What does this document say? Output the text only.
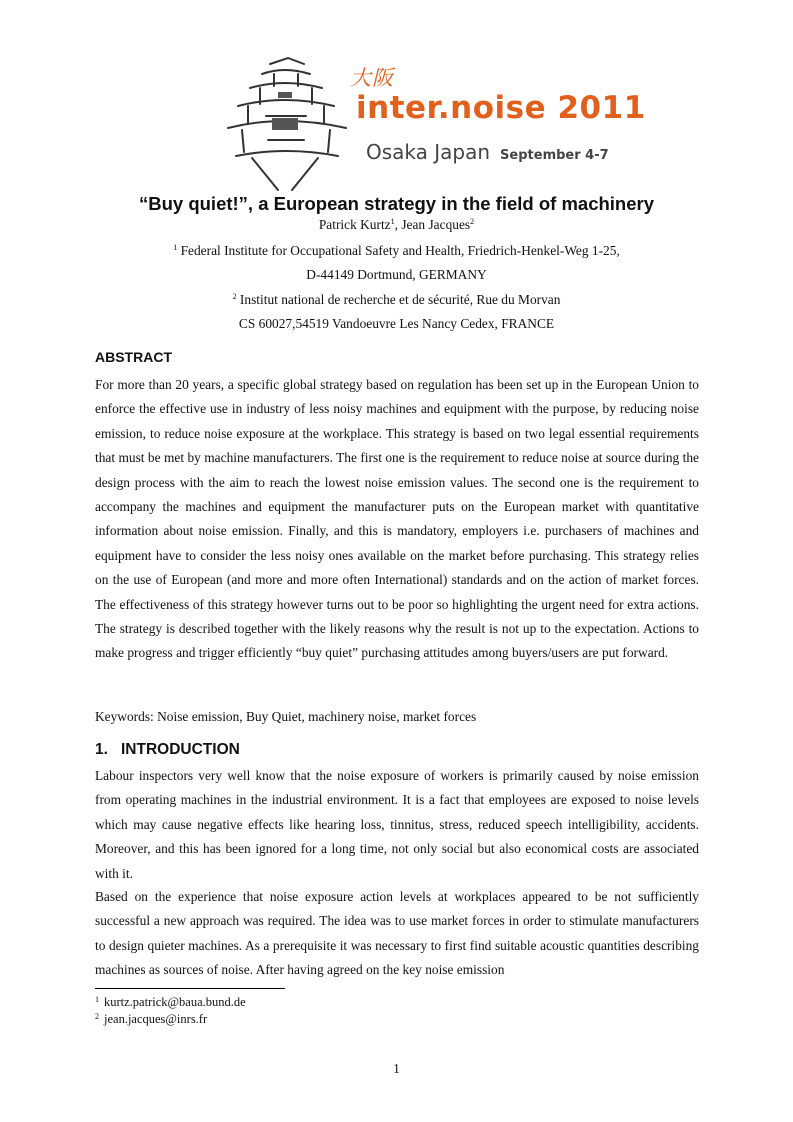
大阪
inter.noise 2011
Osaka Japan September 4-7
“Buy quiet!”, a European strategy in the field of machinery
Patrick Kurtz$^1$, Jean Jacques$^2$
$^1$ Federal Institute for Occupational Safety and Health, Friedrich-Henkel-Weg 1-25,
D-44149 Dortmund, GERMANY
$^2$ Institut national de recherche et de sécurité, Rue du Morvan
CS 60027,54519 Vandoeuvre Les Nancy Cedex, FRANCE
ABSTRACT
For more than 20 years, a specific global strategy based on regulation has been set up in the European Union to enforce the effective use in industry of less noisy machines and equipment with the purpose, by reducing noise emission, to reduce noise exposure at the workplace. This strategy is based on two legal essential requirements that must be met by machine manufacturers. The first one is the requirement to reduce noise at source during the design process with the aim to reach the lowest noise emission values. The second one is the requirement to accompany the machines and equipment the manufacturer puts on the European market with quantitative information about noise emission. Finally, and this is mandatory, employers i.e. purchasers of machines and equipment have to consider the less noisy ones available on the market before purchasing. This strategy relies on the use of European (and more and more often International) standards and on the action of market forces. The effectiveness of this strategy however turns out to be poor so highlighting the urgent need for extra actions. The strategy is described together with the likely reasons why the result is not up to the expectation. Actions to make progress and trigger efficiently “buy quiet” purchasing attitudes among buyers/users are put forward.
Keywords: Noise emission, Buy Quiet, machinery noise, market forces
1. INTRODUCTION
Labour inspectors very well know that the noise exposure of workers is primarily caused by noise emission from operating machines in the industrial environment. It is a fact that employees are exposed to noise levels which may cause negative effects like hearing loss, tinnitus, stress, reduced speech intelligibility, accidents. Moreover, and this has been ignored for a long time, not only social but also economical costs are associated with it.
Based on the experience that noise exposure action levels at workplaces appeared to be not sufficiently successful a new approach was required. The idea was to use market forces in order to stimulate manufacturers to design quieter machines. As a prerequisite it was necessary to first find suitable acoustic quantities describing machines as sources of noise. After having agreed on the key noise emission
$^1$ kurtz.patrick@baua.bund.de
$^2$ jean.jacques@inrs.fr
1
